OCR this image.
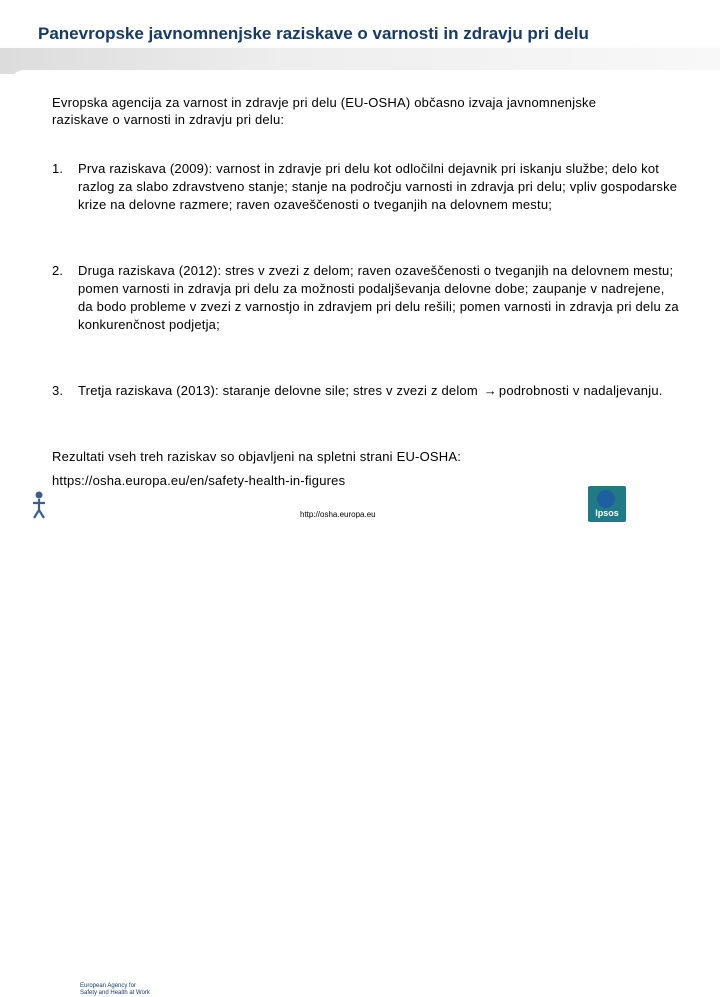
Panevropske javnomnenjske raziskave o varnosti in zdravju pri delu
Evropska agencija za varnost in zdravje pri delu (EU-OSHA) občasno izvaja javnomnenjske raziskave o varnosti in zdravju pri delu:
1.	Prva raziskava (2009): varnost in zdravje pri delu kot odločilni dejavnik pri iskanju službe; delo kot razlog za slabo zdravstveno stanje; stanje na področju varnosti in zdravja pri delu; vpliv gospodarske krize na delovne razmere; raven ozaveščenosti o tveganjih na delovnem mestu;
2.	Druga raziskava (2012): stres v zvezi z delom; raven ozaveščenosti o tveganjih na delovnem mestu; pomen varnosti in zdravja pri delu za možnosti podaljševanja delovne dobe; zaupanje v nadrejene, da bodo probleme v zvezi z varnostjo in zdravjem pri delu rešili; pomen varnosti in zdravja pri delu za konkurenčnost podjetja;
3.	Tretja raziskava (2013): staranje delovne sile; stres v zvezi z delom → podrobnosti v nadaljevanju.
Rezultati vseh treh raziskav so objavljeni na spletni strani EU-OSHA:
https://osha.europa.eu/en/safety-health-in-figures
European Agency for Safety and Health at Work
http://osha.europa.eu	Ipsos
